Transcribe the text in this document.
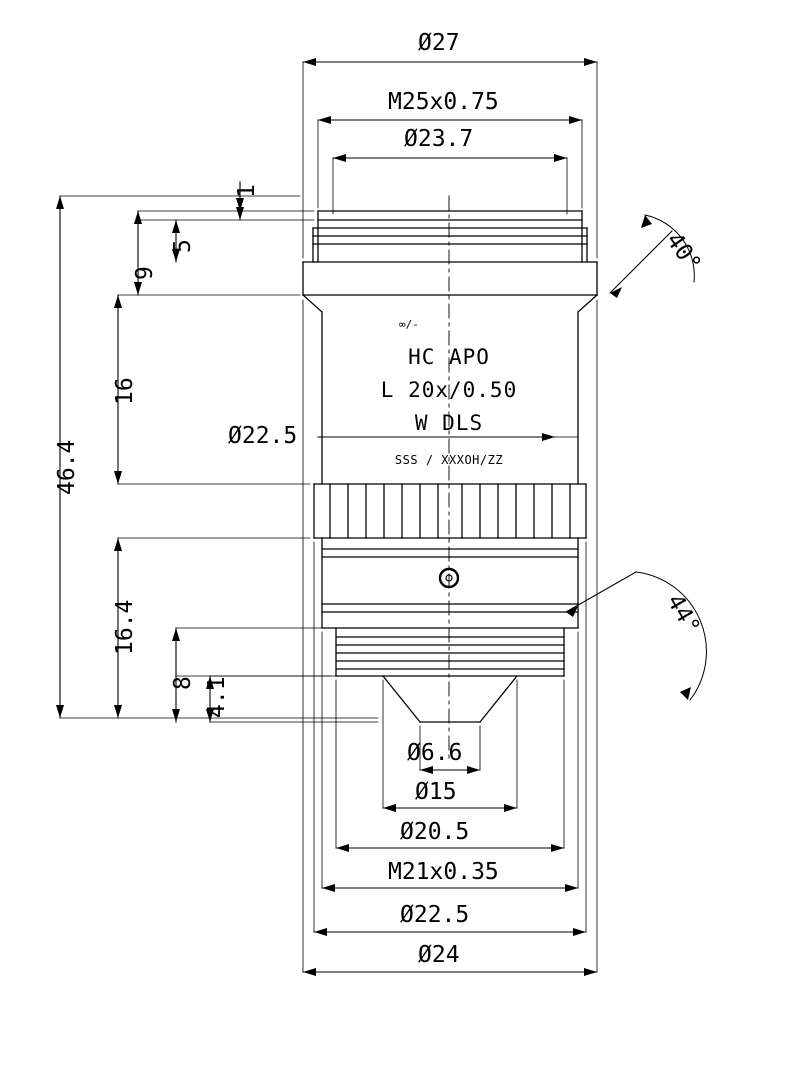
Ø27
M25x0.75
Ø23.7
1
5
9
16
46.4
16.4
8 4.1
Ø22.5
Ø6.6
Ø15
Ø20.5
M21x0.35
Ø22.5
Ø24
40°
44°
∞/-
HC APO
L 20x/0.50
W DLS
SSS / XXXOH/ZZ
